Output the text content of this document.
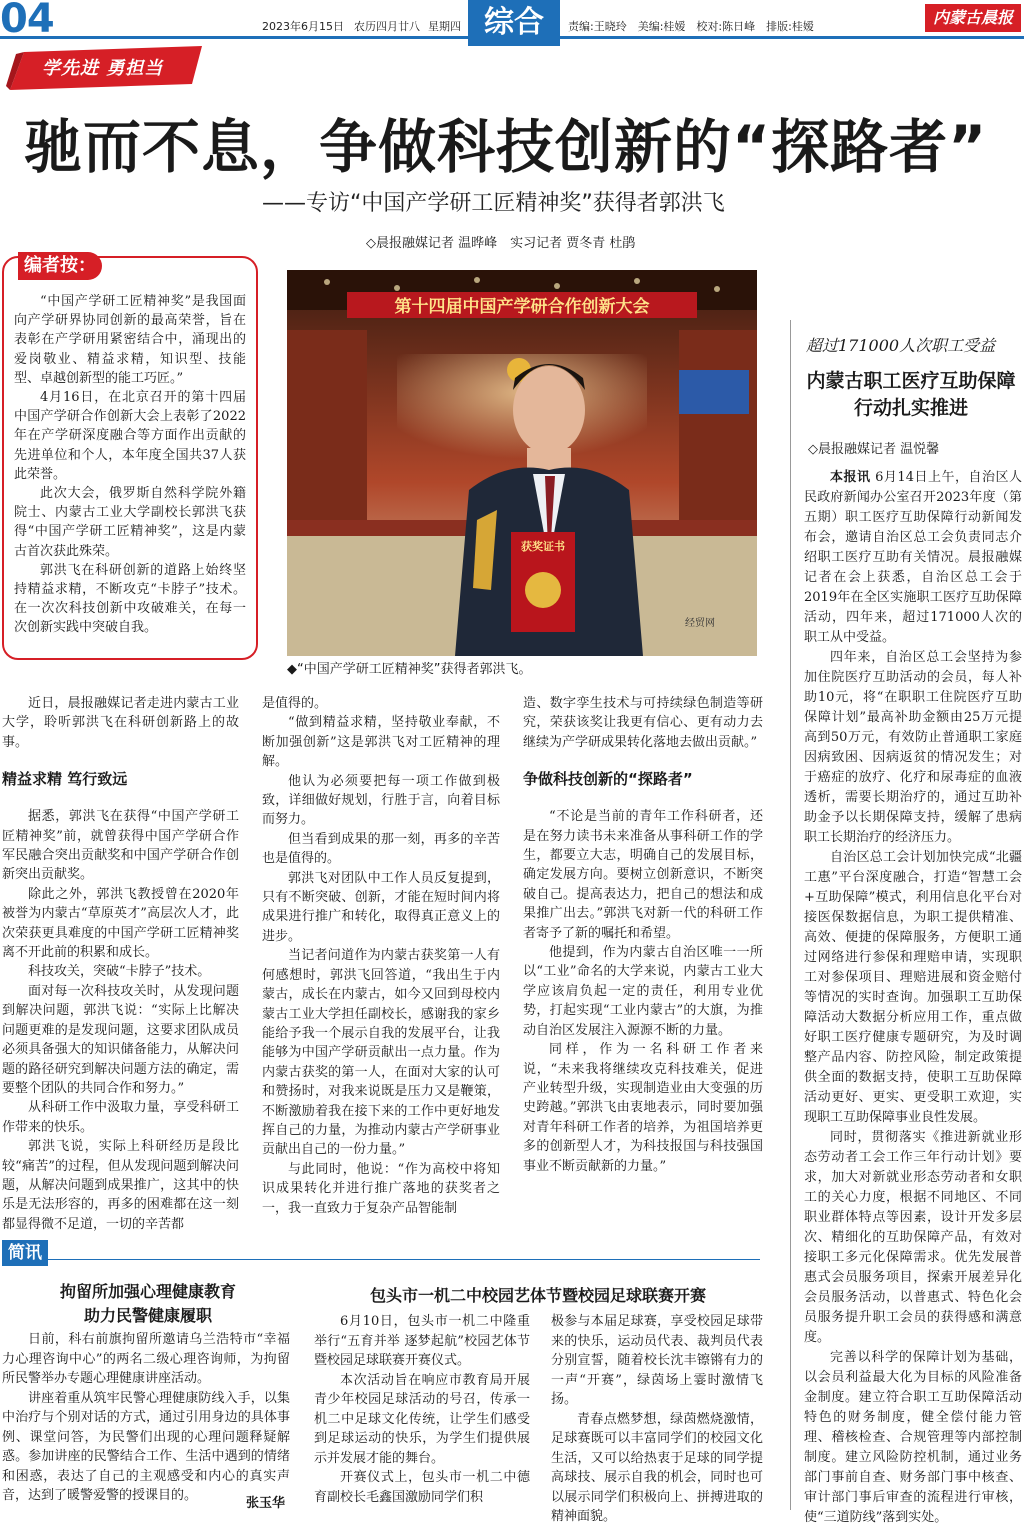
04	2023年6月15日 农历四月廿八 星期四 综合	责编:王晓玲　美编:桂嫒　校对:陈日峰　排版:桂嫒	内蒙古晨报
学先进 勇担当
驰而不息，争做科技创新的“探路者”
——专访“中国产学研工匠精神奖”获得者郭洪飞
◇晨报融媒记者 温晔峰　实习记者 贾冬青 杜鹃
编者按：

“中国产学研工匠精神奖”是我国面向产学研界协同创新的最高荣誉，旨在表彰在产学研用紧密结合中，涌现出的爱岗敬业、精益求精，知识型、技能型、卓越创新型的能工巧匠。”

4月16日，在北京召开的第十四届中国产学研合作创新大会上表彰了2022年在产学研深度融合等方面作出贡献的先进单位和个人，本年度全国共37人获此荣誉。

此次大会，俄罗斯自然科学院外籍院士、内蒙古工业大学副校长郭洪飞获得“中国产学研工匠精神奖”，这是内蒙古首次获此殊荣。

郭洪飞在科研创新的道路上始终坚持精益求精，不断攻克“卡脖子”技术。在一次次科技创新中攻破难关，在每一次创新实践中突破自我。

第十四届中国产学研合作创新大会
获奖证书
经贸网
◆“中国产学研工匠精神奖”获得者郭洪飞。

近日，晨报融媒记者走进内蒙古工业大学，聆听郭洪飞在科研创新路上的故事。

精益求精 笃行致远

据悉，郭洪飞在获得“中国产学研工匠精神奖”前，就曾获得中国产学研合作军民融合突出贡献奖和中国产学研合作创新突出贡献奖。

除此之外，郭洪飞教授曾在2020年被誉为内蒙古“草原英才”高层次人才，此次荣获更具难度的中国产学研工匠精神奖离不开此前的积累和成长。

科技攻关，突破“卡脖子”技术。

面对每一次科技攻关时，从发现问题到解决问题，郭洪飞说：“实际上比解决问题更难的是发现问题，这要求团队成员必须具备强大的知识储备能力，从解决问题的路径研究到解决问题方法的确定，需要整个团队的共同合作和努力。”

从科研工作中汲取力量，享受科研工作带来的快乐。

郭洪飞说，实际上科研经历是段比较“痛苦”的过程，但从发现问题到解决问题，从解决问题到成果推广，这其中的快乐是无法形容的，再多的困难都在这一刻都显得微不足道，一切的辛苦都

是值得的。

“做到精益求精，坚持敬业奉献，不断加强创新”这是郭洪飞对工匠精神的理解。

他认为必须要把每一项工作做到极致，详细做好规划，行胜于言，向着目标而努力。

但当看到成果的那一刻，再多的辛苦也是值得的。

郭洪飞对团队中工作人员反复提到，只有不断突破、创新，才能在短时间内将成果进行推广和转化，取得真正意义上的进步。

当记者问道作为内蒙古获奖第一人有何感想时，郭洪飞回答道，“我出生于内蒙古，成长在内蒙古，如今又回到母校内蒙古工业大学担任副校长，感谢我的家乡能给予我一个展示自我的发展平台，让我能够为中国产学研贡献出一点力量。作为内蒙古获奖的第一人，在面对大家的认可和赞扬时，对我来说既是压力又是鞭策，不断激励着我在接下来的工作中更好地发挥自己的力量，为推动内蒙古产学研事业贡献出自己的一份力量。”

与此同时，他说：“作为高校中将知识成果转化并进行推广落地的获奖者之一，我一直致力于复杂产品智能制

造、数字孪生技术与可持续绿色制造等研究，荣获该奖让我更有信心、更有动力去继续为产学研成果转化落地去做出贡献。”

争做科技创新的“探路者”

“不论是当前的青年工作科研者，还是在努力读书未来准备从事科研工作的学生，都要立大志，明确自己的发展目标，确定发展方向。要树立创新意识，不断突破自己。提高表达力，把自己的想法和成果推广出去。”郭洪飞对新一代的科研工作者寄予了新的嘱托和希望。

他提到，作为内蒙古自治区唯一一所以“工业”命名的大学来说，内蒙古工业大学应该肩负起一定的责任，利用专业优势，打起实现“工业内蒙古”的大旗，为推动自治区发展注入源源不断的力量。

同样，作为一名科研工作者来说，“未来我将继续攻克科技难关，促进产业转型升级，实现制造业由大变强的历史跨越。”郭洪飞由衷地表示，同时要加强对青年科研工作者的培养，为祖国培养更多的创新型人才，为科技报国与科技强国事业不断贡献新的力量。”

超过171000人次职工受益
内蒙古职工医疗互助保障行动扎实推进
◇晨报融媒记者 温悦馨

本报讯 6月14日上午，自治区人民政府新闻办公室召开2023年度（第五期）职工医疗互助保障行动新闻发布会，邀请自治区总工会负责同志介绍职工医疗互助有关情况。晨报融媒记者在会上获悉，自治区总工会于2019年在全区实施职工医疗互助保障活动，四年来，超过171000人次的职工从中受益。

四年来，自治区总工会坚持为参加住院医疗互助活动的会员，每人补助10元，将“在职职工住院医疗互助保障计划”最高补助金额由25万元提高到50万元，有效防止普通职工家庭因病致困、因病返贫的情况发生；对于癌症的放疗、化疗和尿毒症的血液透析，需要长期治疗的，通过互助补助金予以长期保障支持，缓解了患病职工长期治疗的经济压力。

自治区总工会计划加快完成“北疆工惠”平台深度融合，打造“智慧工会+互助保障”模式，利用信息化平台对接医保数据信息，为职工提供精准、高效、便捷的保障服务，方便职工通过网络进行参保和理赔申请，实现职工对参保项目、理赔进展和资金赔付等情况的实时查询。加强职工互助保障活动大数据分析应用工作，重点做好职工医疗健康专题研究，为及时调整产品内容、防控风险，制定政策提供全面的数据支持，使职工互助保障活动更好、更实、更受职工欢迎，实现职工互助保障事业良性发展。

同时，贯彻落实《推进新就业形态劳动者工会工作三年行动计划》要求，加大对新就业形态劳动者和女职工的关心力度，根据不同地区、不同职业群体特点等因素，设计开发多层次、精细化的互助保障产品，有效对接职工多元化保障需求。优先发展普惠式会员服务项目，探索开展差异化会员服务活动，以普惠式、特色化会员服务提升职工会员的获得感和满意度。

完善以科学的保障计划为基础，以会员利益最大化为目标的风险准备金制度。建立符合职工互助保障活动特色的财务制度，健全偿付能力管理、稽核检查、合规管理等内部控制制度。建立风险防控机制，通过业务部门事前自查、财务部门事中核查、审计部门事后审查的流程进行审核，使“三道防线”落到实处。

简讯
拘留所加强心理健康教育
助力民警健康履职

日前，科右前旗拘留所邀请乌兰浩特市“幸福力心理咨询中心”的两名二级心理咨询师，为拘留所民警举办专题心理健康讲座活动。

讲座着重从筑牢民警心理健康防线入手，以集中治疗与个别对话的方式，通过引用身边的具体事例、课堂问答，为民警们出现的心理问题释疑解惑。参加讲座的民警结合工作、生活中遇到的情绪和困惑，表达了自己的主观感受和内心的真实声音，达到了暖警爱警的授课目的。

张玉华
包头市一机二中校园艺体节暨校园足球联赛开赛

6月10日，包头市一机二中隆重举行“五育并举 逐梦起航”校园艺体节暨校园足球联赛开赛仪式。

本次活动旨在响应市教育局开展青少年校园足球活动的号召，传承一机二中足球文化传统，让学生们感受到足球运动的快乐，为学生们提供展示并发展才能的舞台。

开赛仪式上，包头市一机二中德育副校长毛鑫国激励同学们积

极参与本届足球赛，享受校园足球带来的快乐，运动员代表、裁判员代表分别宣誓，随着校长沈丰镲锵有力的一声“开赛”，绿茵场上霎时激情飞扬。

青春点燃梦想，绿茵燃烧激情，足球赛既可以丰富同学们的校园文化生活，又可以给热衷于足球的同学提高球技、展示自我的机会，同时也可以展示同学们积极向上、拼搏进取的精神面貌。
